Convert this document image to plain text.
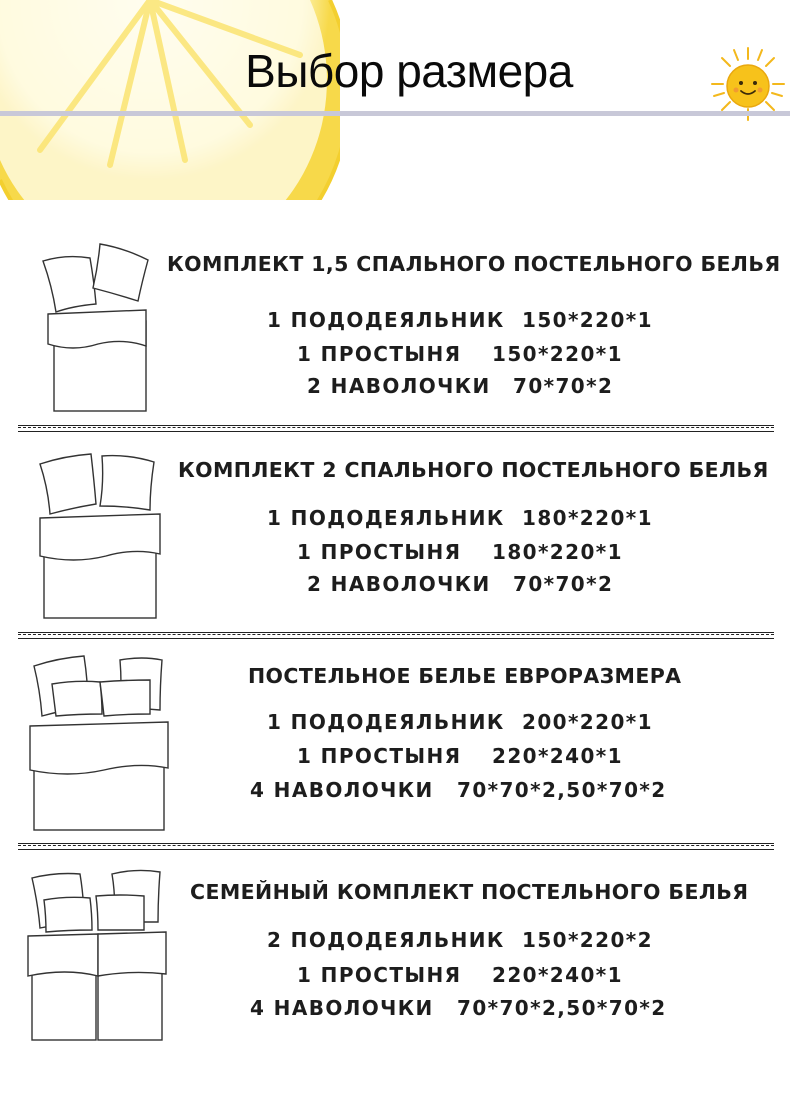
Выбор размера
КОМПЛЕКТ 1,5 СПАЛЬНОГО ПОСТЕЛЬНОГО БЕЛЬЯ
1 ПОДОДЕЯЛЬНИК 150*220*1
1 ПРОСТЫНЯ 150*220*1
2 НАВОЛОЧКИ 70*70*2
КОМПЛЕКТ 2 СПАЛЬНОГО ПОСТЕЛЬНОГО БЕЛЬЯ
1 ПОДОДЕЯЛЬНИК 180*220*1
1 ПРОСТЫНЯ 180*220*1
2 НАВОЛОЧКИ 70*70*2
ПОСТЕЛЬНОЕ БЕЛЬЕ ЕВРОРАЗМЕРА
1 ПОДОДЕЯЛЬНИК 200*220*1
1 ПРОСТЫНЯ 220*240*1
4 НАВОЛОЧКИ 70*70*2,50*70*2
СЕМЕЙНЫЙ КОМПЛЕКТ ПОСТЕЛЬНОГО БЕЛЬЯ
2 ПОДОДЕЯЛЬНИК 150*220*2
1 ПРОСТЫНЯ 220*240*1
4 НАВОЛОЧКИ 70*70*2,50*70*2
